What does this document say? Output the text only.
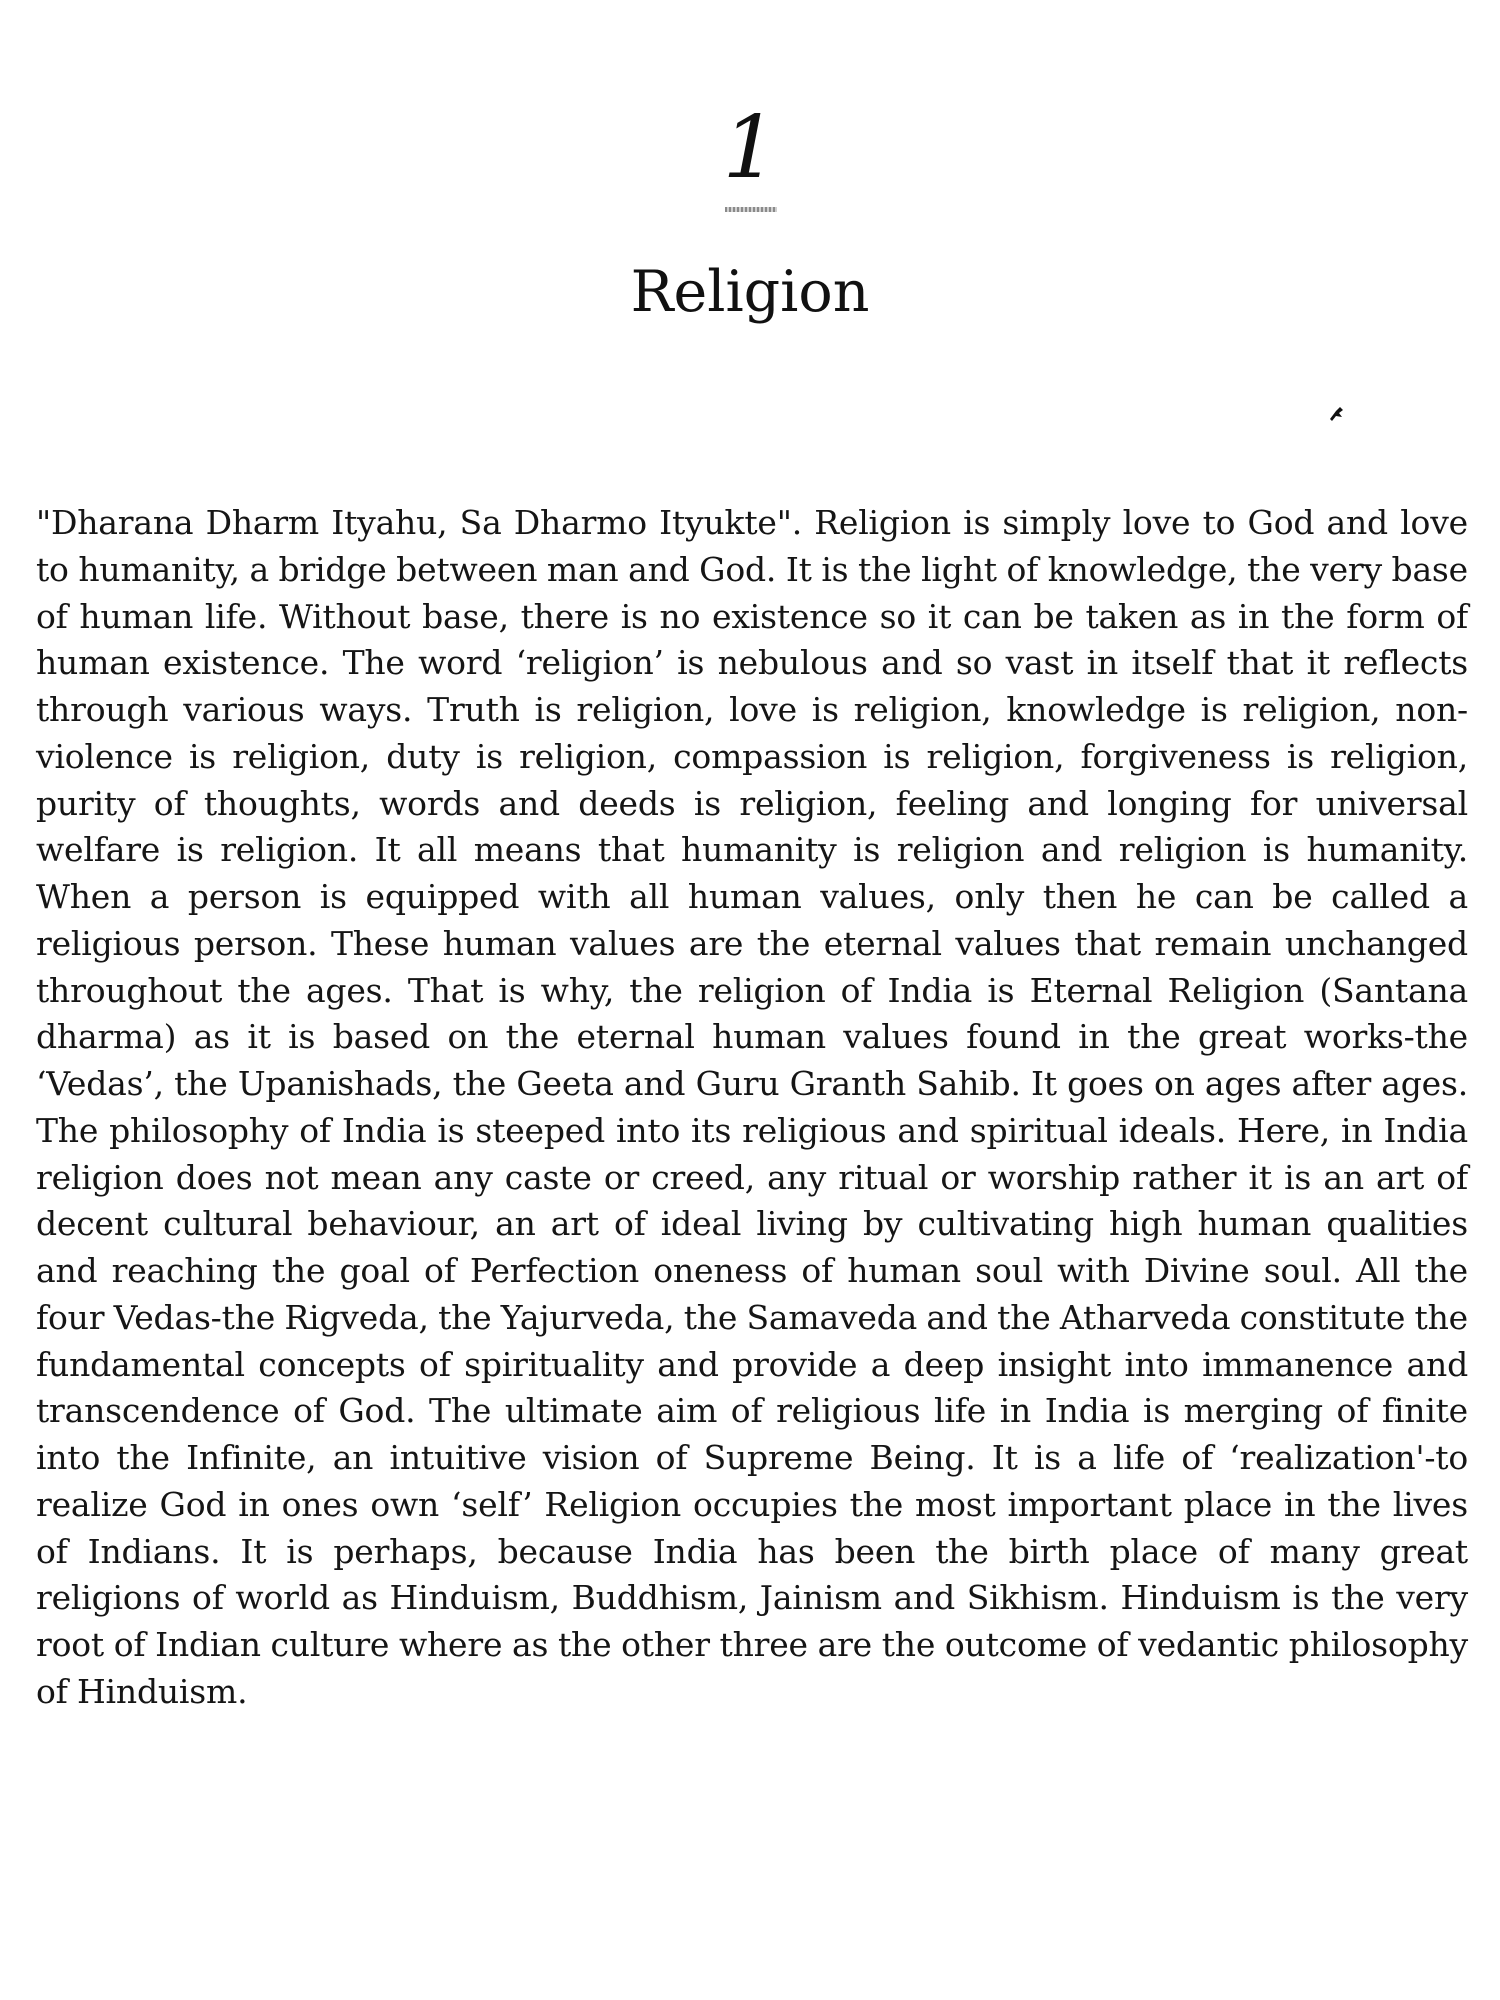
1
Religion

"Dharana Dharm Ityahu, Sa Dharmo Ityukte". Religion is simply love to God and love to humanity, a bridge between man and God. It is the light of knowledge, the very base of human life. Without base, there is no existence so it can be taken as in the form of human existence. The word ‘religion’ is nebulous and so vast in itself that it reflects through various ways. Truth is religion, love is religion, knowledge is religion, non-violence is religion, duty is religion, compassion is religion, forgiveness is religion, purity of thoughts, words and deeds is religion, feeling and longing for universal welfare is religion. It all means that humanity is religion and religion is humanity. When a person is equipped with all human values, only then he can be called a religious person. These human values are the eternal values that remain unchanged throughout the ages. That is why, the religion of India is Eternal Religion (Santana dharma) as it is based on the eternal human values found in the great works-the ‘Vedas’, the Upanishads, the Geeta and Guru Granth Sahib. It goes on ages after ages. The philosophy of India is steeped into its religious and spiritual ideals. Here, in India religion does not mean any caste or creed, any ritual or worship rather it is an art of decent cultural behaviour, an art of ideal living by cultivating high human qualities and reaching the goal of Perfection oneness of human soul with Divine soul. All the four Vedas-the Rigveda, the Yajurveda, the Samaveda and the Atharveda constitute the fundamental concepts of spirituality and provide a deep insight into immanence and transcendence of God. The ultimate aim of religious life in India is merging of finite into the Infinite, an intuitive vision of Supreme Being. It is a life of ‘realization'-to realize God in ones own ‘self’ Religion occupies the most important place in the lives of Indians. It is perhaps, because India has been the birth place of many great religions of world as Hinduism, Buddhism, Jainism and Sikhism. Hinduism is the very root of Indian culture where as the other three are the outcome of vedantic philosophy of Hinduism.
